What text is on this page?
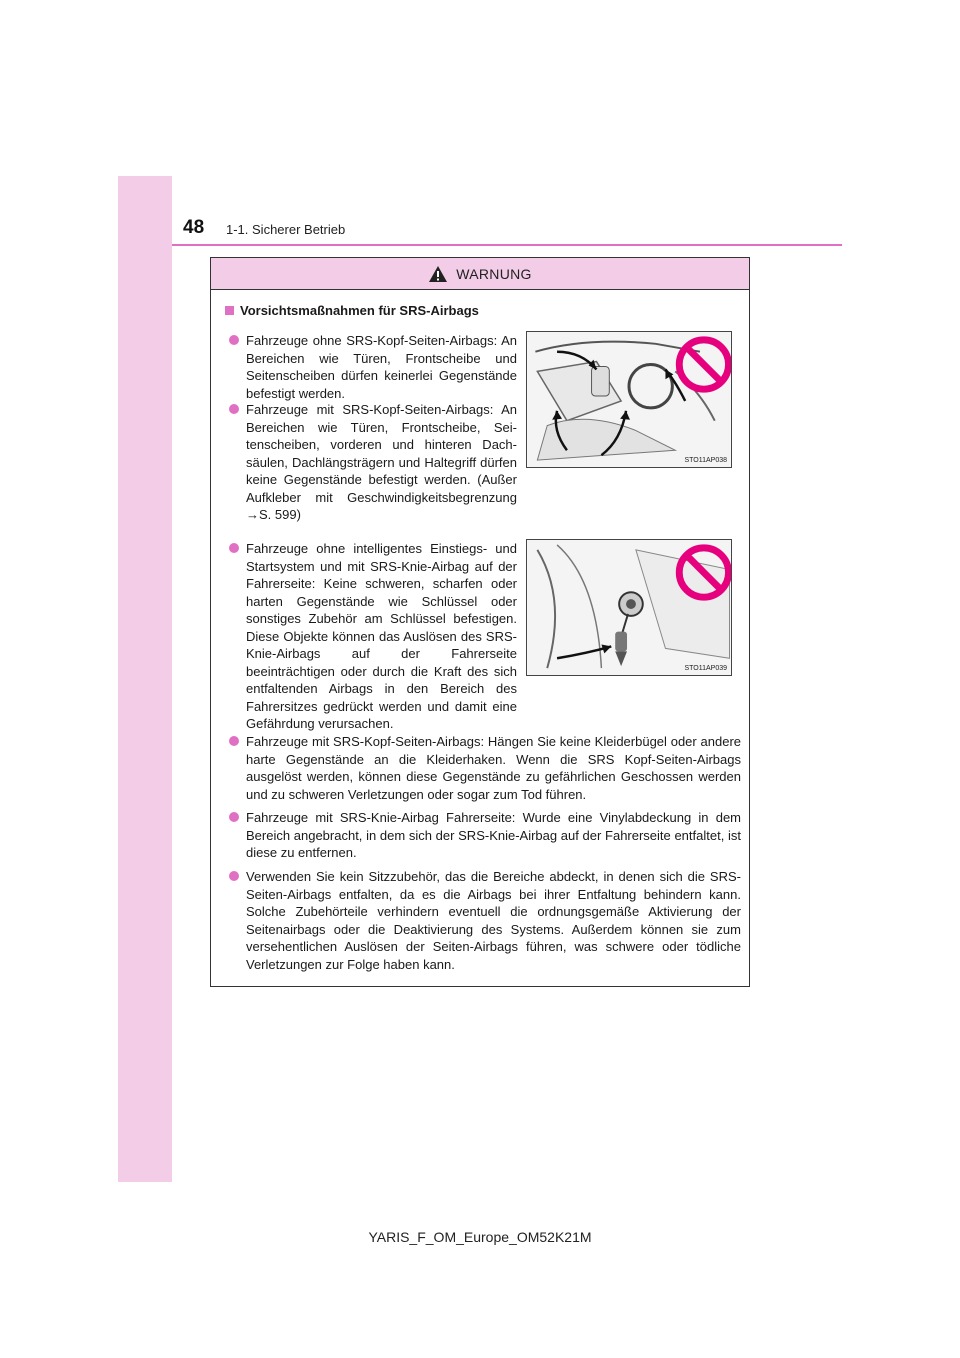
48 1-1. Sicherer Betrieb
WARNUNG
Vorsichtsmaßnahmen für SRS-Airbags
Fahrzeuge ohne SRS-Kopf-Seiten-Airbags: An Bereichen wie Türen, Frontscheibe und Seitenscheiben dürfen keinerlei Gegenstände befestigt werden.
Fahrzeuge mit SRS-Kopf-Seiten-Airbags: An Bereichen wie Türen, Frontscheibe, Seitenscheiben, vorderen und hinteren Dachsäulen, Dachlängsträgern und Haltegriff dürfen keine Gegenstände befestigt werden. (Außer Aufkleber mit Geschwindigkeitsbegrenzung →S. 599)
Fahrzeuge ohne intelligentes Einstiegs- und Startsystem und mit SRS-Knie-Airbag auf der Fahrerseite: Keine schweren, scharfen oder harten Gegenstände wie Schlüssel oder sonstiges Zubehör am Schlüssel befestigen. Diese Objekte können das Auslösen des SRS-Knie-Airbags auf der Fahrerseite beeinträchtigen oder durch die Kraft des sich entfaltenden Airbags in den Bereich des Fahrersitzes gedrückt werden und damit eine Gefährdung verursachen.
STO11AP038
STO11AP039
Fahrzeuge mit SRS-Kopf-Seiten-Airbags: Hängen Sie keine Kleiderbügel oder andere harte Gegenstände an die Kleiderhaken. Wenn die SRS Kopf-Seiten-Airbags ausgelöst werden, können diese Gegenstände zu gefährlichen Geschossen werden und zu schweren Verletzungen oder sogar zum Tod führen.
Fahrzeuge mit SRS-Knie-Airbag Fahrerseite: Wurde eine Vinylabdeckung in dem Bereich angebracht, in dem sich der SRS-Knie-Airbag auf der Fahrerseite entfaltet, ist diese zu entfernen.
Verwenden Sie kein Sitzzubehör, das die Bereiche abdeckt, in denen sich die SRS-Seiten-Airbags entfalten, da es die Airbags bei ihrer Entfaltung behindern kann. Solche Zubehörteile verhindern eventuell die ordnungsgemäße Aktivierung der Seitenairbags oder die Deaktivierung des Systems. Außerdem können sie zum versehentlichen Auslösen der Seiten-Airbags führen, was schwere oder tödliche Verletzungen zur Folge haben kann.
YARIS_F_OM_Europe_OM52K21M
